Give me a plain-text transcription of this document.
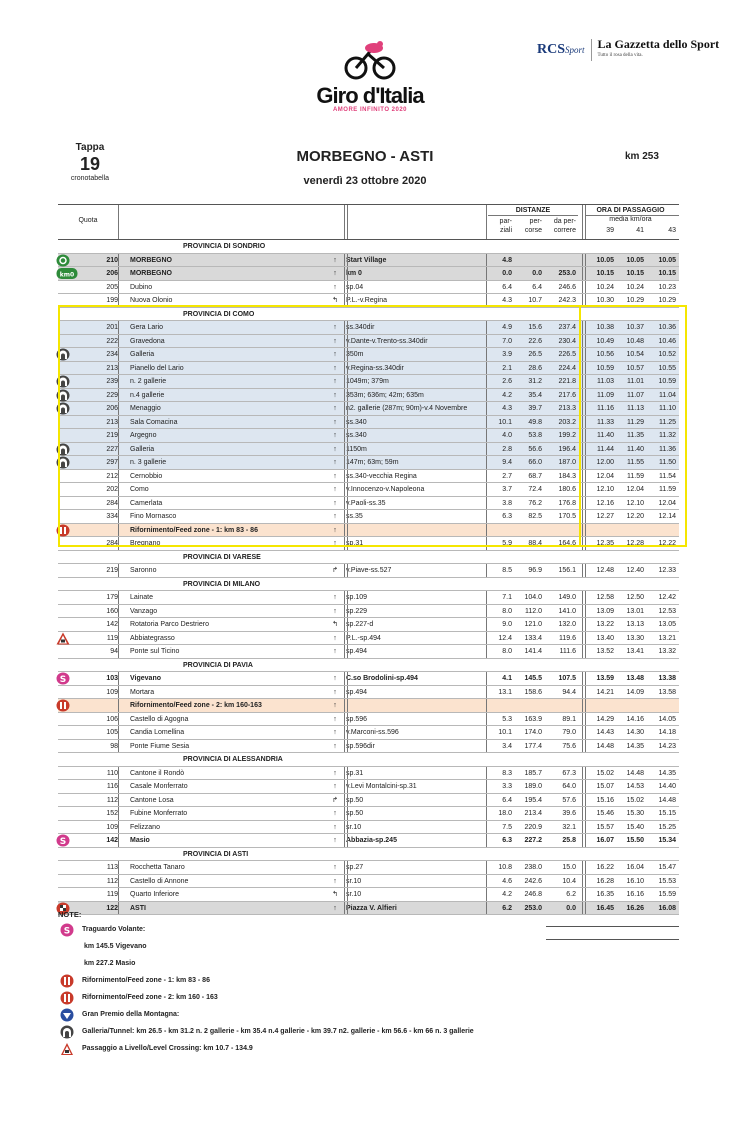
Giro d'Italia
AMORE INFINITO 2020
RCSSport La Gazzetta dello Sport
Tutto il rosa della vita.
Tappa
19
cronotabella
MORBEGNO - ASTI
venerdì 23 ottobre 2020
km 253
Quota
DISTANZE
par-
ziali
per-
corse
da per-
correre
ORA DI PASSAGGIO
media km/ora
39	41	43
PROVINCIA DI SONDRIO
210 MORBEGNO	↑	Start Village	4.8	10.05	10.05	10.05
km0	206 MORBEGNO	↑	km 0	0.0	0.0	253.0	10.15	10.15	10.15
205 Dubino	↑	sp.04	6.4	6.4	246.6	10.24	10.24	10.23
199 Nuova Olonio	↰ P.L.-v.Regina	4.3	10.7	242.3	10.30	10.29	10.29
PROVINCIA DI COMO
201 Gera Lario	↑	ss.340dir	4.9	15.6	237.4	10.38	10.37	10.36
222 Gravedona	↑	v.Dante-v.Trento-ss.340dir	7.0	22.6	230.4	10.49	10.48	10.46
234 Galleria	↑	350m	3.9	26.5	226.5	10.56	10.54	10.52
213 Pianello del Lario	↑	v.Regina-ss.340dir	2.1	28.6	224.4	10.59	10.57	10.55
239 n. 2 gallerie	↑	1049m; 379m	2.6	31.2	221.8	11.03	11.01	10.59
229 n.4 gallerie	↑	353m; 636m; 42m; 635m	4.2	35.4	217.6	11.09	11.07	11.04
206 Menaggio	↑	n2. gallerie (287m; 90m)-v.4 Novembre	4.3	39.7	213.3	11.16	11.13	11.10
213 Sala Comacina	↑	ss.340	10.1	49.8	203.2	11.33	11.29	11.25
219 Argegno	↑	ss.340	4.0	53.8	199.2	11.40	11.35	11.32
227 Galleria	↑	1150m	2.8	56.6	196.4	11.44	11.40	11.36
297 n. 3 gallerie	↑	147m; 63m; 59m	9.4	66.0	187.0	12.00	11.55	11.50
212 Cernobbio	↑	ss.340-vecchia Regina	2.7	68.7	184.3	12.04	11.59	11.54
202 Como	↑	v.Innocenzo-v.Napoleona	3.7	72.4	180.6	12.10	12.04	11.59
284 Camerlata	↑	v.Paoli-ss.35	3.8	76.2	176.8	12.16	12.10	12.04
334 Fino Mornasco	↑	ss.35	6.3	82.5	170.5	12.27	12.20	12.14
Rifornimento/Feed zone - 1: km 83 - 86	↑
284 Bregnano	↑	sp.31	5.9	88.4	164.6	12.35	12.28	12.22
PROVINCIA DI VARESE
219 Saronno	↱ v.Piave-ss.527	8.5	96.9	156.1	12.48	12.40	12.33
PROVINCIA DI MILANO
179 Lainate	↑	sp.109	7.1	104.0	149.0	12.58	12.50	12.42
160 Vanzago	↑	sp.229	8.0	112.0	141.0	13.09	13.01	12.53
142 Rotatoria Parco Destriero	↰ sp.227-d	9.0	121.0	132.0	13.22	13.13	13.05
119 Abbiategrasso	↑	P.L.-sp.494	12.4	133.4	119.6	13.40	13.30	13.21
94 Ponte sul Ticino	↑	sp.494	8.0	141.4	111.6	13.52	13.41	13.32
PROVINCIA DI PAVIA
S	103 Vigevano	↑	C.so Brodolini-sp.494	4.1	145.5	107.5	13.59	13.48	13.38
109 Mortara	↑	sp.494	13.1	158.6	94.4	14.21	14.09	13.58
Rifornimento/Feed zone - 2: km 160-163	↑
106 Castello di Agogna	↑	sp.596	5.3	163.9	89.1	14.29	14.16	14.05
105 Candia Lomellina	↑	v.Marconi-ss.596	10.1	174.0	79.0	14.43	14.30	14.18
98 Ponte Fiume Sesia	↑	sp.596dir	3.4	177.4	75.6	14.48	14.35	14.23
PROVINCIA DI ALESSANDRIA
110 Cantone il Rondò	↑	sp.31	8.3	185.7	67.3	15.02	14.48	14.35
116 Casale Monferrato	↑	v.Levi Montalcini-sp.31	3.3	189.0	64.0	15.07	14.53	14.40
112 Cantone Losa	↱ sp.50	6.4	195.4	57.6	15.16	15.02	14.48
152 Fubine Monferrato	↑	sp.50	18.0	213.4	39.6	15.46	15.30	15.15
109 Felizzano	↑	sr.10	7.5	220.9	32.1	15.57	15.40	15.25
S	142 Masio	↑	Abbazia-sp.245	6.3	227.2	25.8	16.07	15.50	15.34
PROVINCIA DI ASTI
113 Rocchetta Tanaro	↑	sp.27	10.8	238.0	15.0	16.22	16.04	15.47
112 Castello di Annone	↑	sr.10	4.6	242.6	10.4	16.28	16.10	15.53
119 Quarto Inferiore	↰ sr.10	4.2	246.8	6.2	16.35	16.16	15.59
122 ASTI	↑	Piazza V. Alfieri	6.2	253.0	0.0	16.45	16.26	16.08
NOTE:
S Traguardo Volante:
km 145.5 Vigevano
km 227.2 Masio
Rifornimento/Feed zone - 1: km 83 - 86
Rifornimento/Feed zone - 2: km 160 - 163
Gran Premio della Montagna:
Galleria/Tunnel: km 26.5 - km 31.2 n. 2 gallerie - km 35.4 n.4 gallerie - km 39.7 n2. gallerie - km 56.6 - km 66 n. 3 gallerie
Passaggio a Livello/Level Crossing: km 10.7 - 134.9
